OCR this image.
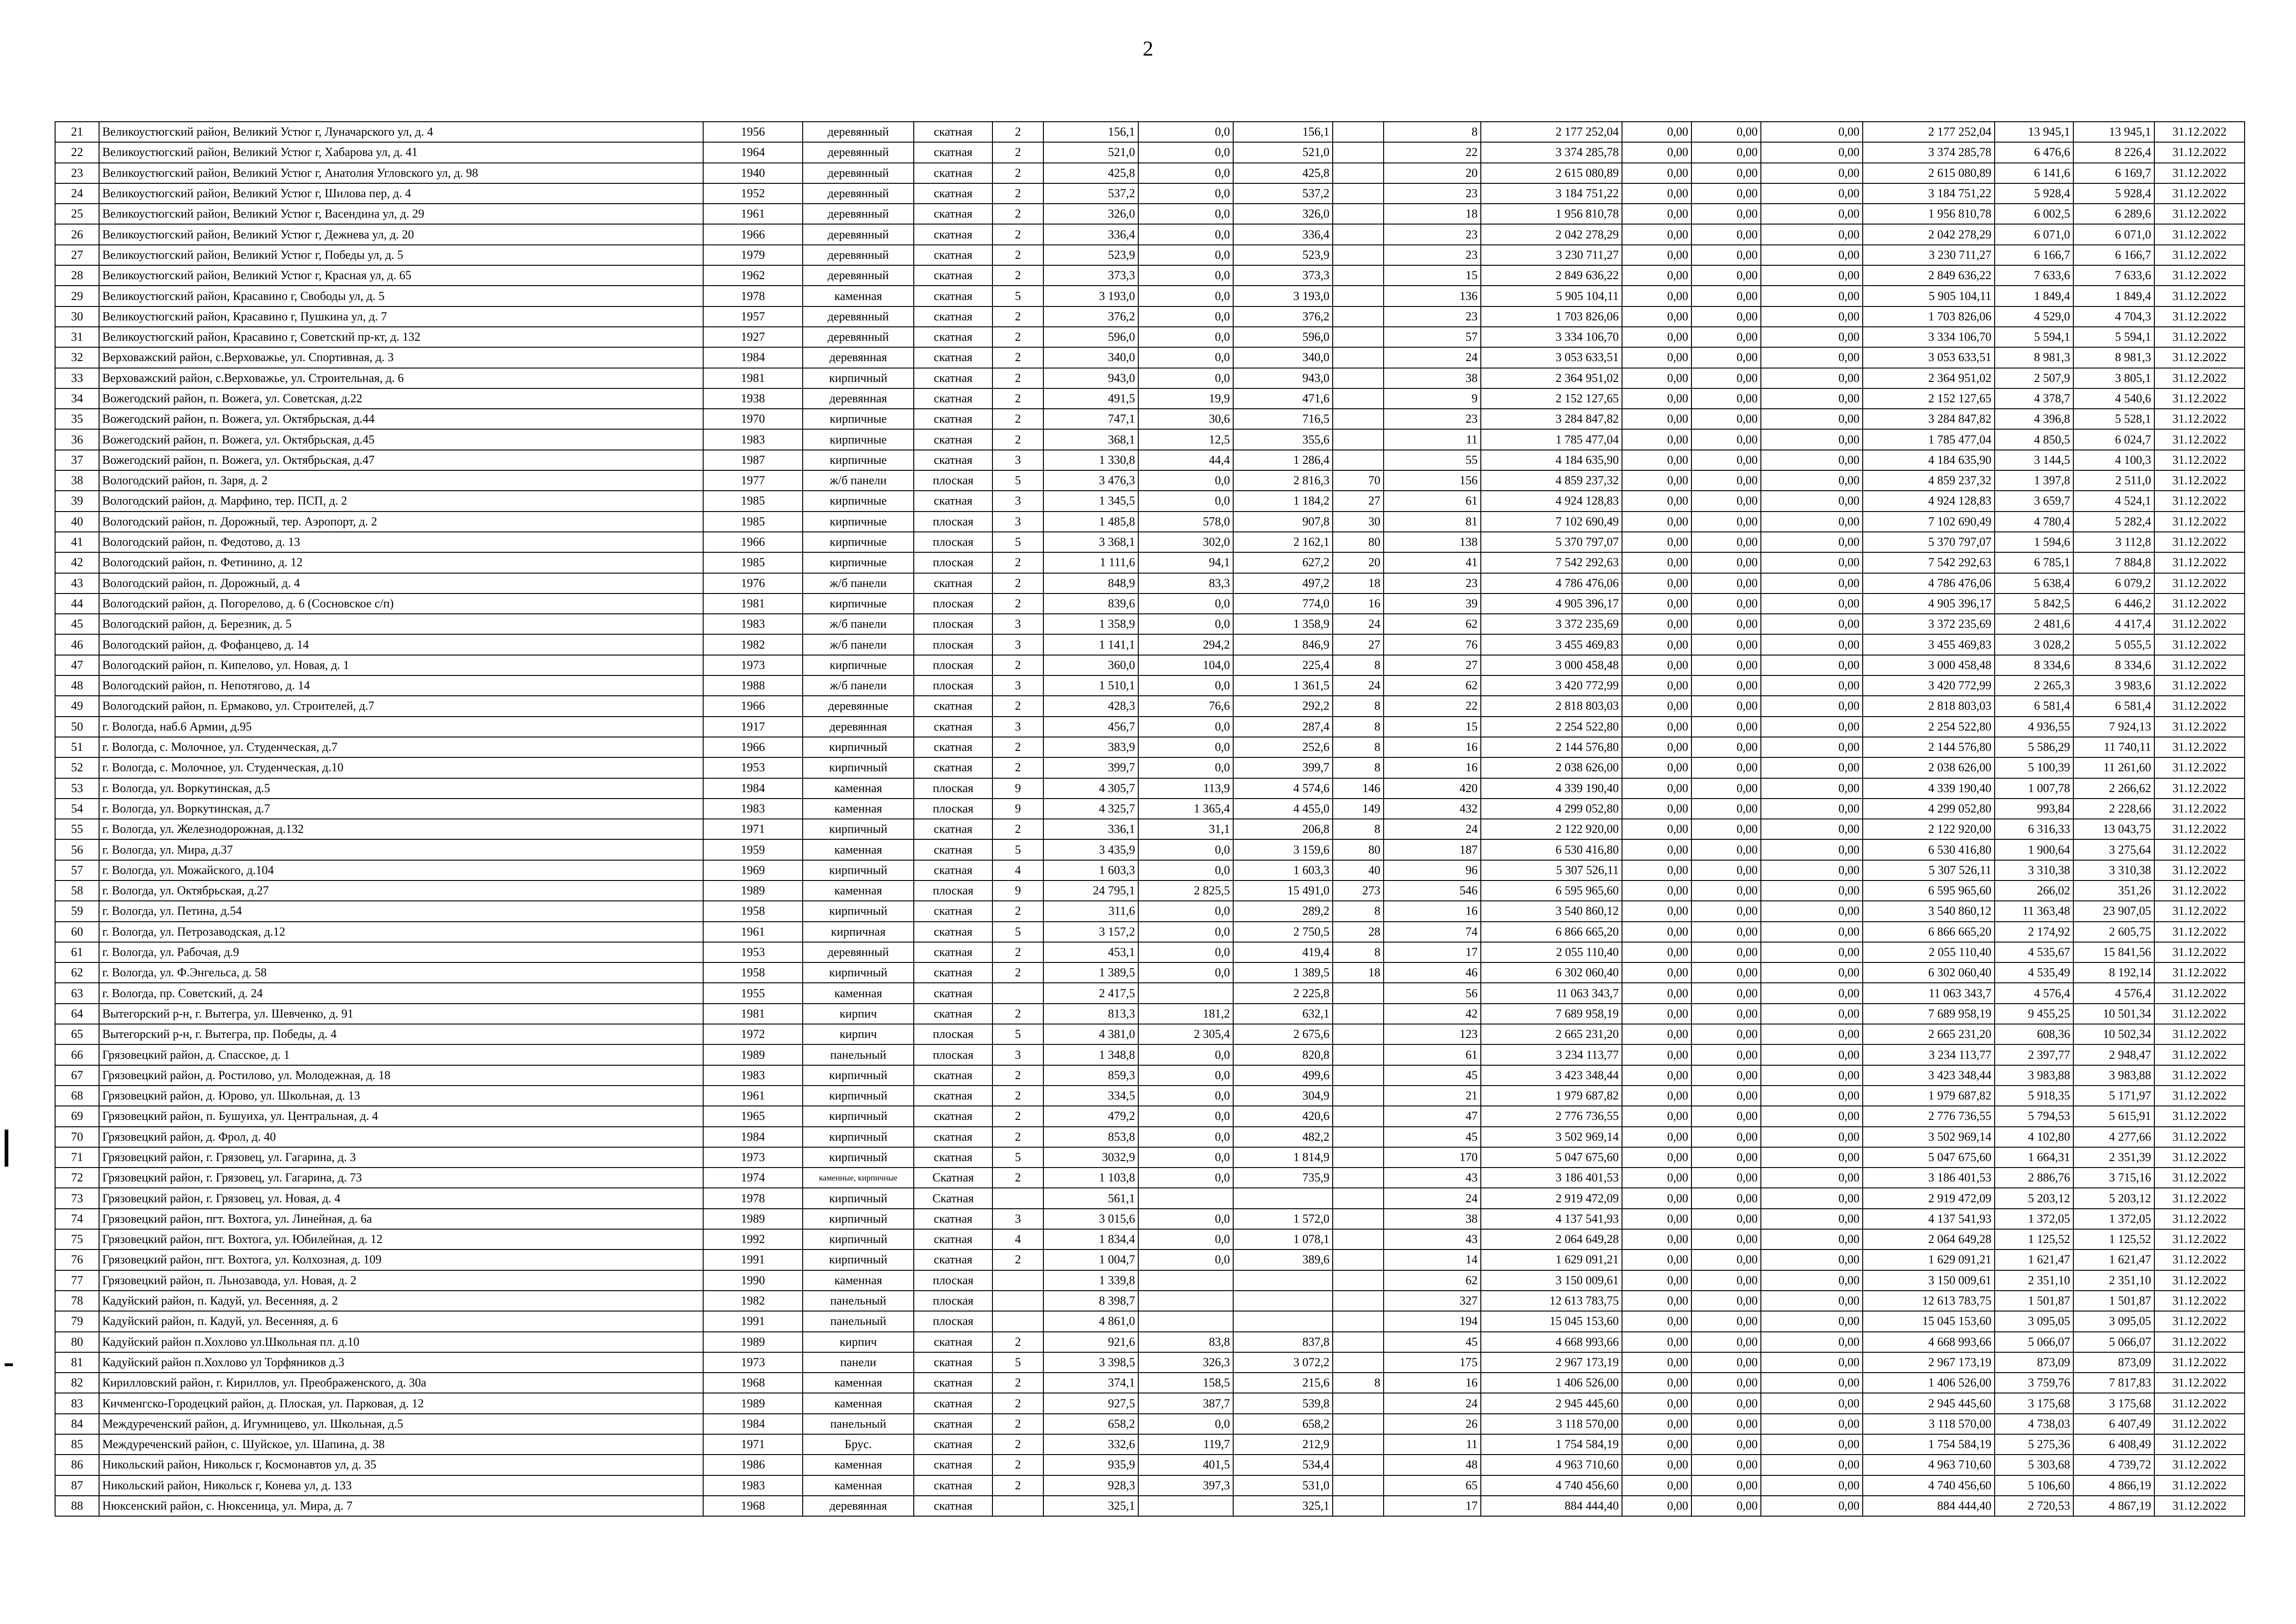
2
21	Великоустюгский район, Великий Устюг г, Луначарского ул, д. 4	1956	деревянный	скатная	2	156,1	0,0	156,1		8	2 177 252,04	0,00	0,00	0,00	2 177 252,04	13 945,1	13 945,1	31.12.2022
22	Великоустюгский район, Великий Устюг г, Хабарова ул, д. 41	1964	деревянный	скатная	2	521,0	0,0	521,0		22	3 374 285,78	0,00	0,00	0,00	3 374 285,78	6 476,6	8 226,4	31.12.2022
23	Великоустюгский район, Великий Устюг г, Анатолия Угловского ул, д. 98	1940	деревянный	скатная	2	425,8	0,0	425,8		20	2 615 080,89	0,00	0,00	0,00	2 615 080,89	6 141,6	6 169,7	31.12.2022
24	Великоустюгский район, Великий Устюг г, Шилова пер, д. 4	1952	деревянный	скатная	2	537,2	0,0	537,2		23	3 184 751,22	0,00	0,00	0,00	3 184 751,22	5 928,4	5 928,4	31.12.2022
25	Великоустюгский район, Великий Устюг г, Васендина ул, д. 29	1961	деревянный	скатная	2	326,0	0,0	326,0		18	1 956 810,78	0,00	0,00	0,00	1 956 810,78	6 002,5	6 289,6	31.12.2022
26	Великоустюгский район, Великий Устюг г, Дежнева ул, д. 20	1966	деревянный	скатная	2	336,4	0,0	336,4		23	2 042 278,29	0,00	0,00	0,00	2 042 278,29	6 071,0	6 071,0	31.12.2022
27	Великоустюгский район, Великий Устюг г, Победы ул, д. 5	1979	деревянный	скатная	2	523,9	0,0	523,9		23	3 230 711,27	0,00	0,00	0,00	3 230 711,27	6 166,7	6 166,7	31.12.2022
28	Великоустюгский район, Великий Устюг г, Красная ул, д. 65	1962	деревянный	скатная	2	373,3	0,0	373,3		15	2 849 636,22	0,00	0,00	0,00	2 849 636,22	7 633,6	7 633,6	31.12.2022
29	Великоустюгский район, Красавино г, Свободы ул, д. 5	1978	каменная	скатная	5	3 193,0	0,0	3 193,0		136	5 905 104,11	0,00	0,00	0,00	5 905 104,11	1 849,4	1 849,4	31.12.2022
30	Великоустюгский район, Красавино г, Пушкина ул, д. 7	1957	деревянный	скатная	2	376,2	0,0	376,2		23	1 703 826,06	0,00	0,00	0,00	1 703 826,06	4 529,0	4 704,3	31.12.2022
31	Великоустюгский район, Красавино г, Советский пр-кт, д. 132	1927	деревянный	скатная	2	596,0	0,0	596,0		57	3 334 106,70	0,00	0,00	0,00	3 334 106,70	5 594,1	5 594,1	31.12.2022
32	Верховажский район, с.Верховажье, ул. Спортивная, д. 3	1984	деревянная	скатная	2	340,0	0,0	340,0		24	3 053 633,51	0,00	0,00	0,00	3 053 633,51	8 981,3	8 981,3	31.12.2022
33	Верховажский район, с.Верховажье, ул. Строительная, д. 6	1981	кирпичный	скатная	2	943,0	0,0	943,0		38	2 364 951,02	0,00	0,00	0,00	2 364 951,02	2 507,9	3 805,1	31.12.2022
34	Вожегодский район, п. Вожега, ул. Советская, д.22	1938	деревянная	скатная	2	491,5	19,9	471,6		9	2 152 127,65	0,00	0,00	0,00	2 152 127,65	4 378,7	4 540,6	31.12.2022
35	Вожегодский район, п. Вожега, ул. Октябрьская, д.44	1970	кирпичные	скатная	2	747,1	30,6	716,5		23	3 284 847,82	0,00	0,00	0,00	3 284 847,82	4 396,8	5 528,1	31.12.2022
36	Вожегодский район, п. Вожега, ул. Октябрьская, д.45	1983	кирпичные	скатная	2	368,1	12,5	355,6		11	1 785 477,04	0,00	0,00	0,00	1 785 477,04	4 850,5	6 024,7	31.12.2022
37	Вожегодский район, п. Вожега, ул. Октябрьская, д.47	1987	кирпичные	скатная	3	1 330,8	44,4	1 286,4		55	4 184 635,90	0,00	0,00	0,00	4 184 635,90	3 144,5	4 100,3	31.12.2022
38	Вологодский район, п. Заря, д. 2	1977	ж/б панели	плоская	5	3 476,3	0,0	2 816,3	70	156	4 859 237,32	0,00	0,00	0,00	4 859 237,32	1 397,8	2 511,0	31.12.2022
39	Вологодский район, д. Марфино, тер. ПСП, д. 2	1985	кирпичные	скатная	3	1 345,5	0,0	1 184,2	27	61	4 924 128,83	0,00	0,00	0,00	4 924 128,83	3 659,7	4 524,1	31.12.2022
40	Вологодский район, п. Дорожный, тер. Аэропорт, д. 2	1985	кирпичные	плоская	3	1 485,8	578,0	907,8	30	81	7 102 690,49	0,00	0,00	0,00	7 102 690,49	4 780,4	5 282,4	31.12.2022
41	Вологодский район, п. Федотово, д. 13	1966	кирпичные	плоская	5	3 368,1	302,0	2 162,1	80	138	5 370 797,07	0,00	0,00	0,00	5 370 797,07	1 594,6	3 112,8	31.12.2022
42	Вологодский район, п. Фетинино, д. 12	1985	кирпичные	плоская	2	1 111,6	94,1	627,2	20	41	7 542 292,63	0,00	0,00	0,00	7 542 292,63	6 785,1	7 884,8	31.12.2022
43	Вологодский район, п. Дорожный, д. 4	1976	ж/б панели	скатная	2	848,9	83,3	497,2	18	23	4 786 476,06	0,00	0,00	0,00	4 786 476,06	5 638,4	6 079,2	31.12.2022
44	Вологодский район, д. Погорелово, д. 6 (Сосновское с/п)	1981	кирпичные	плоская	2	839,6	0,0	774,0	16	39	4 905 396,17	0,00	0,00	0,00	4 905 396,17	5 842,5	6 446,2	31.12.2022
45	Вологодский район, д. Березник, д. 5	1983	ж/б панели	плоская	3	1 358,9	0,0	1 358,9	24	62	3 372 235,69	0,00	0,00	0,00	3 372 235,69	2 481,6	4 417,4	31.12.2022
46	Вологодский район, д. Фофанцево, д. 14	1982	ж/б панели	плоская	3	1 141,1	294,2	846,9	27	76	3 455 469,83	0,00	0,00	0,00	3 455 469,83	3 028,2	5 055,5	31.12.2022
47	Вологодский район, п. Кипелово, ул. Новая, д. 1	1973	кирпичные	плоская	2	360,0	104,0	225,4	8	27	3 000 458,48	0,00	0,00	0,00	3 000 458,48	8 334,6	8 334,6	31.12.2022
48	Вологодский район, п. Непотягово, д. 14	1988	ж/б панели	плоская	3	1 510,1	0,0	1 361,5	24	62	3 420 772,99	0,00	0,00	0,00	3 420 772,99	2 265,3	3 983,6	31.12.2022
49	Вологодский район, п. Ермаково, ул. Строителей, д.7	1966	деревянные	скатная	2	428,3	76,6	292,2	8	22	2 818 803,03	0,00	0,00	0,00	2 818 803,03	6 581,4	6 581,4	31.12.2022
50	г. Вологда, наб.6 Армии, д.95	1917	деревянная	скатная	3	456,7	0,0	287,4	8	15	2 254 522,80	0,00	0,00	0,00	2 254 522,80	4 936,55	7 924,13	31.12.2022
51	г. Вологда, с. Молочное, ул. Студенческая, д.7	1966	кирпичный	скатная	2	383,9	0,0	252,6	8	16	2 144 576,80	0,00	0,00	0,00	2 144 576,80	5 586,29	11 740,11	31.12.2022
52	г. Вологда, с. Молочное, ул. Студенческая, д.10	1953	кирпичный	скатная	2	399,7	0,0	399,7	8	16	2 038 626,00	0,00	0,00	0,00	2 038 626,00	5 100,39	11 261,60	31.12.2022
53	г. Вологда, ул. Воркутинская, д.5	1984	каменная	плоская	9	4 305,7	113,9	4 574,6	146	420	4 339 190,40	0,00	0,00	0,00	4 339 190,40	1 007,78	2 266,62	31.12.2022
54	г. Вологда, ул. Воркутинская, д.7	1983	каменная	плоская	9	4 325,7	1 365,4	4 455,0	149	432	4 299 052,80	0,00	0,00	0,00	4 299 052,80	993,84	2 228,66	31.12.2022
55	г. Вологда, ул. Железнодорожная, д.132	1971	кирпичный	скатная	2	336,1	31,1	206,8	8	24	2 122 920,00	0,00	0,00	0,00	2 122 920,00	6 316,33	13 043,75	31.12.2022
56	г. Вологда, ул. Мира, д.37	1959	каменная	скатная	5	3 435,9	0,0	3 159,6	80	187	6 530 416,80	0,00	0,00	0,00	6 530 416,80	1 900,64	3 275,64	31.12.2022
57	г. Вологда, ул. Можайского, д.104	1969	кирпичный	скатная	4	1 603,3	0,0	1 603,3	40	96	5 307 526,11	0,00	0,00	0,00	5 307 526,11	3 310,38	3 310,38	31.12.2022
58	г. Вологда, ул. Октябрьская, д.27	1989	каменная	плоская	9	24 795,1	2 825,5	15 491,0	273	546	6 595 965,60	0,00	0,00	0,00	6 595 965,60	266,02	351,26	31.12.2022
59	г. Вологда, ул. Петина, д.54	1958	кирпичный	скатная	2	311,6	0,0	289,2	8	16	3 540 860,12	0,00	0,00	0,00	3 540 860,12	11 363,48	23 907,05	31.12.2022
60	г. Вологда, ул. Петрозаводская, д.12	1961	кирпичная	скатная	5	3 157,2	0,0	2 750,5	28	74	6 866 665,20	0,00	0,00	0,00	6 866 665,20	2 174,92	2 605,75	31.12.2022
61	г. Вологда, ул. Рабочая, д.9	1953	деревянный	скатная	2	453,1	0,0	419,4	8	17	2 055 110,40	0,00	0,00	0,00	2 055 110,40	4 535,67	15 841,56	31.12.2022
62	г. Вологда, ул. Ф.Энгельса, д. 58	1958	кирпичный	скатная	2	1 389,5	0,0	1 389,5	18	46	6 302 060,40	0,00	0,00	0,00	6 302 060,40	4 535,49	8 192,14	31.12.2022
63	г. Вологда, пр. Советский, д. 24	1955	каменная	скатная		2 417,5		2 225,8		56	11 063 343,7	0,00	0,00	0,00	11 063 343,7	4 576,4	4 576,4	31.12.2022
64	Вытегорский р-н, г. Вытегра, ул. Шевченко, д. 91	1981	кирпич	скатная	2	813,3	181,2	632,1		42	7 689 958,19	0,00	0,00	0,00	7 689 958,19	9 455,25	10 501,34	31.12.2022
65	Вытегорский р-н, г. Вытегра, пр. Победы, д. 4	1972	кирпич	плоская	5	4 381,0	2 305,4	2 675,6		123	2 665 231,20	0,00	0,00	0,00	2 665 231,20	608,36	10 502,34	31.12.2022
66	Грязовецкий район, д. Спасское, д. 1	1989	панельный	плоская	3	1 348,8	0,0	820,8		61	3 234 113,77	0,00	0,00	0,00	3 234 113,77	2 397,77	2 948,47	31.12.2022
67	Грязовецкий район, д. Ростилово, ул. Молодежная, д. 18	1983	кирпичный	скатная	2	859,3	0,0	499,6		45	3 423 348,44	0,00	0,00	0,00	3 423 348,44	3 983,88	3 983,88	31.12.2022
68	Грязовецкий район, д. Юрово, ул. Школьная, д. 13	1961	кирпичный	скатная	2	334,5	0,0	304,9		21	1 979 687,82	0,00	0,00	0,00	1 979 687,82	5 918,35	5 171,97	31.12.2022
69	Грязовецкий район, п. Бушуиха, ул. Центральная, д. 4	1965	кирпичный	скатная	2	479,2	0,0	420,6		47	2 776 736,55	0,00	0,00	0,00	2 776 736,55	5 794,53	5 615,91	31.12.2022
70	Грязовецкий район, д. Фрол, д. 40	1984	кирпичный	скатная	2	853,8	0,0	482,2		45	3 502 969,14	0,00	0,00	0,00	3 502 969,14	4 102,80	4 277,66	31.12.2022
71	Грязовецкий район, г. Грязовец, ул. Гагарина, д. 3	1973	кирпичный	скатная	5	3032,9	0,0	1 814,9		170	5 047 675,60	0,00	0,00	0,00	5 047 675,60	1 664,31	2 351,39	31.12.2022
72	Грязовецкий район, г. Грязовец, ул. Гагарина, д. 73	1974	каменные, кирпичные	Скатная	2	1 103,8	0,0	735,9		43	3 186 401,53	0,00	0,00	0,00	3 186 401,53	2 886,76	3 715,16	31.12.2022
73	Грязовецкий район, г. Грязовец, ул. Новая, д. 4	1978	кирпичный	Скатная		561,1				24	2 919 472,09	0,00	0,00	0,00	2 919 472,09	5 203,12	5 203,12	31.12.2022
74	Грязовецкий район, пгт. Вохтога, ул. Линейная, д. 6а	1989	кирпичный	скатная	3	3 015,6	0,0	1 572,0		38	4 137 541,93	0,00	0,00	0,00	4 137 541,93	1 372,05	1 372,05	31.12.2022
75	Грязовецкий район, пгт. Вохтога, ул. Юбилейная, д. 12	1992	кирпичный	скатная	4	1 834,4	0,0	1 078,1		43	2 064 649,28	0,00	0,00	0,00	2 064 649,28	1 125,52	1 125,52	31.12.2022
76	Грязовецкий район, пгт. Вохтога, ул. Колхозная, д. 109	1991	кирпичный	скатная	2	1 004,7	0,0	389,6		14	1 629 091,21	0,00	0,00	0,00	1 629 091,21	1 621,47	1 621,47	31.12.2022
77	Грязовецкий район, п. Льнозавода, ул. Новая, д. 2	1990	каменная	плоская		1 339,8				62	3 150 009,61	0,00	0,00	0,00	3 150 009,61	2 351,10	2 351,10	31.12.2022
78	Кадуйский район, п. Кадуй, ул. Весенняя, д. 2	1982	панельный	плоская		8 398,7				327	12 613 783,75	0,00	0,00	0,00	12 613 783,75	1 501,87	1 501,87	31.12.2022
79	Кадуйский район, п. Кадуй, ул. Весенняя, д. 6	1991	панельный	плоская		4 861,0				194	15 045 153,60	0,00	0,00	0,00	15 045 153,60	3 095,05	3 095,05	31.12.2022
80	Кадуйский район п.Хохлово ул.Школьная пл. д.10	1989	кирпич	скатная	2	921,6	83,8	837,8		45	4 668 993,66	0,00	0,00	0,00	4 668 993,66	5 066,07	5 066,07	31.12.2022
81	Кадуйский район п.Хохлово ул Торфяников д.3	1973	панели	скатная	5	3 398,5	326,3	3 072,2		175	2 967 173,19	0,00	0,00	0,00	2 967 173,19	873,09	873,09	31.12.2022
82	Кирилловский район, г. Кириллов, ул. Преображенского, д. 30а	1968	каменная	скатная	2	374,1	158,5	215,6	8	16	1 406 526,00	0,00	0,00	0,00	1 406 526,00	3 759,76	7 817,83	31.12.2022
83	Кичменгско-Городецкий район, д. Плоская, ул. Парковая, д. 12	1989	каменная	скатная	2	927,5	387,7	539,8		24	2 945 445,60	0,00	0,00	0,00	2 945 445,60	3 175,68	3 175,68	31.12.2022
84	Междуреченский район, д. Игумницево, ул. Школьная, д.5	1984	панельный	скатная	2	658,2	0,0	658,2		26	3 118 570,00	0,00	0,00	0,00	3 118 570,00	4 738,03	6 407,49	31.12.2022
85	Междуреченский район, с. Шуйское, ул. Шапина, д. 38	1971	Брус.	скатная	2	332,6	119,7	212,9		11	1 754 584,19	0,00	0,00	0,00	1 754 584,19	5 275,36	6 408,49	31.12.2022
86	Никольский район, Никольск г, Космонавтов ул, д. 35	1986	каменная	скатная	2	935,9	401,5	534,4		48	4 963 710,60	0,00	0,00	0,00	4 963 710,60	5 303,68	4 739,72	31.12.2022
87	Никольский район, Никольск г, Конева ул, д. 133	1983	каменная	скатная	2	928,3	397,3	531,0		65	4 740 456,60	0,00	0,00	0,00	4 740 456,60	5 106,60	4 866,19	31.12.2022
88	Нюксенский район, с. Нюксеница, ул. Мира, д. 7	1968	деревянная	скатная		325,1		325,1		17	884 444,40	0,00	0,00	0,00	884 444,40	2 720,53	4 867,19	31.12.2022
